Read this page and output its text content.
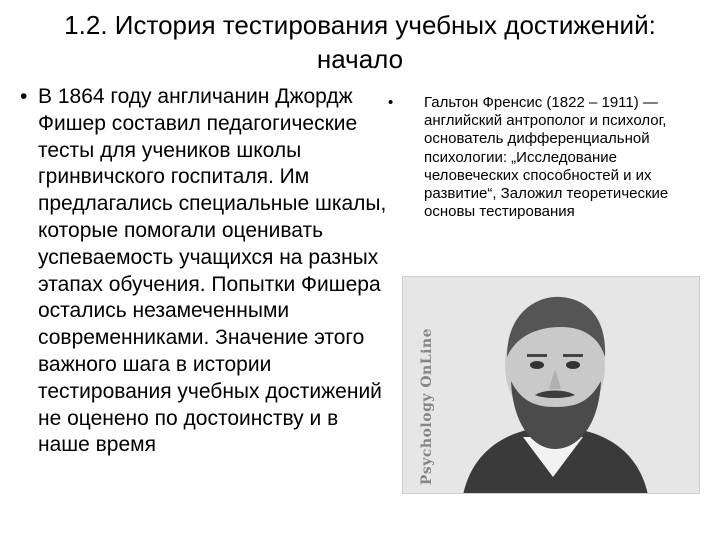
1.2. История тестирования учебных достижений:
начало
• В 1864 году англичанин Джордж Фишер составил педагогические тесты для учеников школы гринвичского госпиталя. Им предлагались специальные шкалы, которые помогали оценивать успеваемость учащихся на разных этапах обучения. Попытки Фишера остались незамеченными современниками. Значение этого важного шага в истории тестирования учебных достижений не оценено по достоинству и в наше время
•	Гальтон Френсис (1822 – 1911) — английский антрополог и психолог, основатель дифференциальной психологии: „Исследование человеческих способностей и их развитие“, Заложил теоретические основы тестирования
Psychology OnLine
